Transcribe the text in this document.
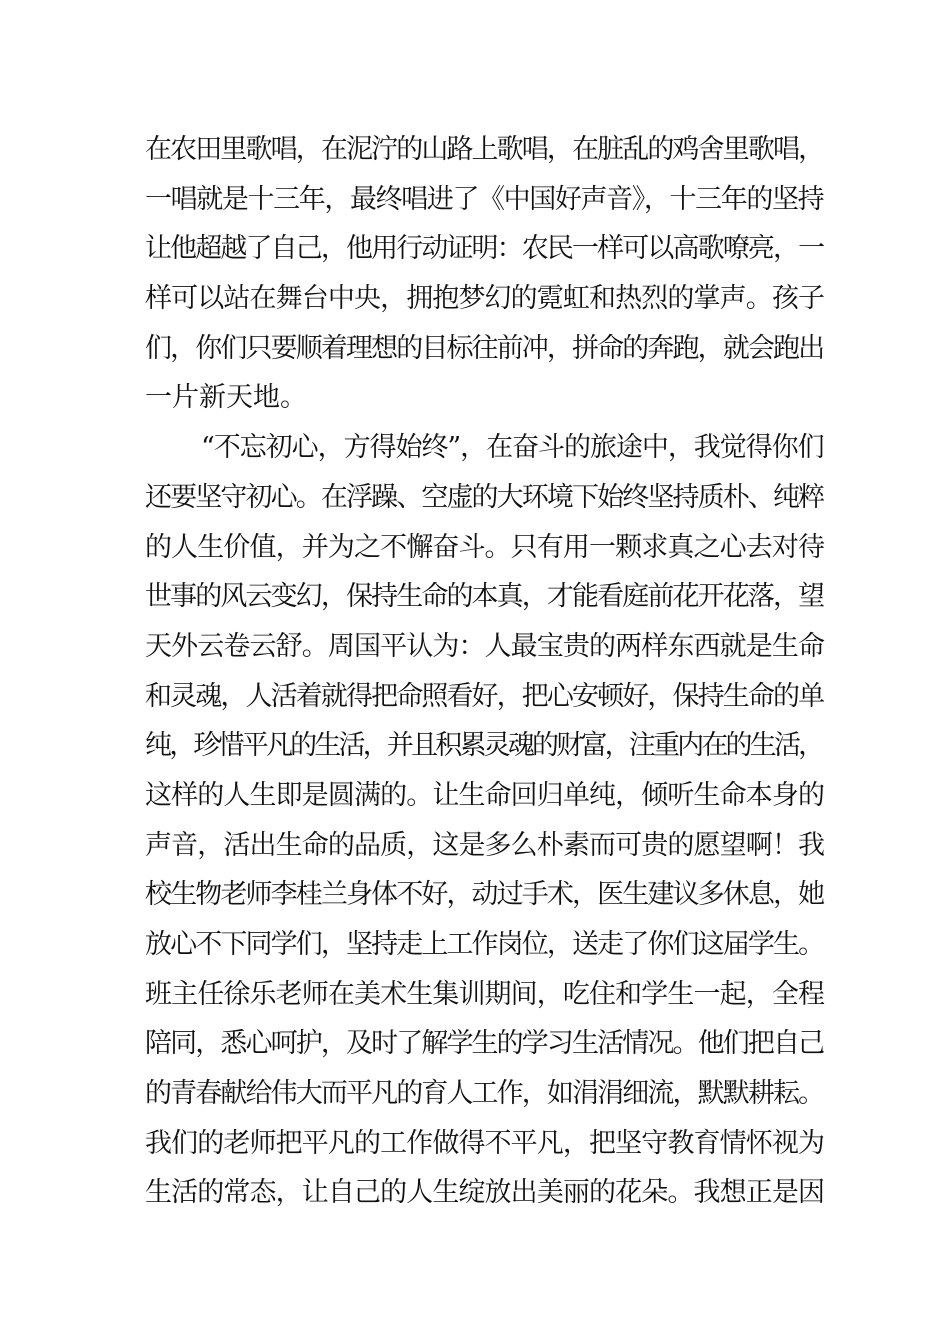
在农田里歌唱，在泥泞的山路上歌唱，在脏乱的鸡舍里歌唱，
一唱就是十三年，最终唱进了《中国好声音》，十三年的坚持
让他超越了自己，他用行动证明：农民一样可以高歌嘹亮，一
样可以站在舞台中央，拥抱梦幻的霓虹和热烈的掌声。孩子
们，你们只要顺着理想的目标往前冲，拼命的奔跑，就会跑出
一片新天地。
“不忘初心，方得始终”，在奋斗的旅途中，我觉得你们
还要坚守初心。在浮躁、空虚的大环境下始终坚持质朴、纯粹
的人生价值，并为之不懈奋斗。只有用一颗求真之心去对待
世事的风云变幻，保持生命的本真，才能看庭前花开花落，望
天外云卷云舒。周国平认为：人最宝贵的两样东西就是生命
和灵魂，人活着就得把命照看好，把心安顿好，保持生命的单
纯，珍惜平凡的生活，并且积累灵魂的财富，注重内在的生活，
这样的人生即是圆满的。让生命回归单纯，倾听生命本身的
声音，活出生命的品质，这是多么朴素而可贵的愿望啊！我
校生物老师李桂兰身体不好，动过手术，医生建议多休息，她
放心不下同学们，坚持走上工作岗位，送走了你们这届学生。
班主任徐乐老师在美术生集训期间，吃住和学生一起，全程
陪同，悉心呵护，及时了解学生的学习生活情况。他们把自己
的青春献给伟大而平凡的育人工作，如涓涓细流，默默耕耘。
我们的老师把平凡的工作做得不平凡，把坚守教育情怀视为
生活的常态，让自己的人生绽放出美丽的花朵。我想正是因
